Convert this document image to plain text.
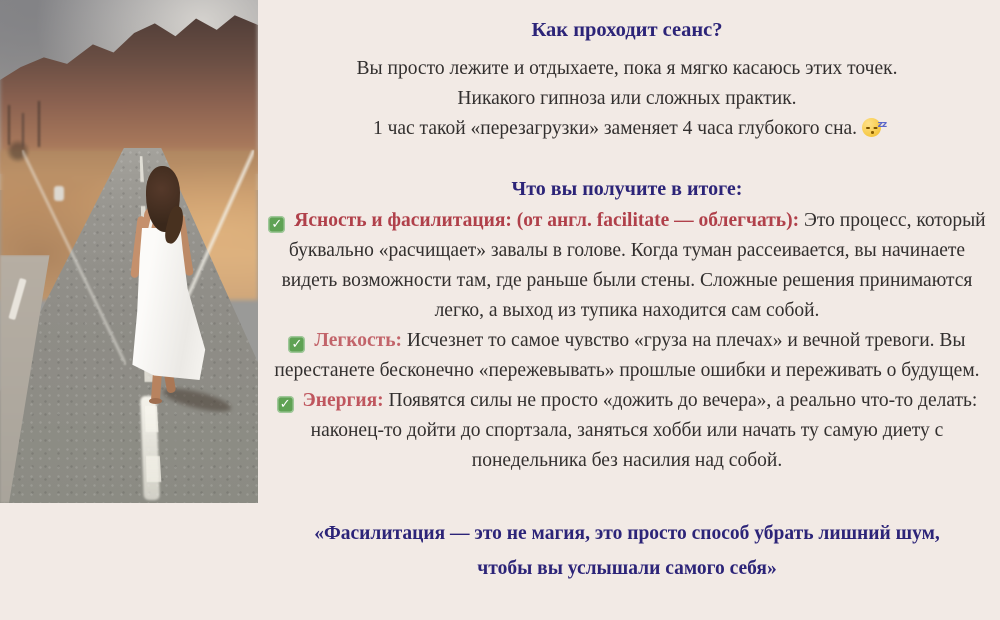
Как проходит сеанс?
Вы просто лежите и отдыхаете, пока я мягко касаюсь этих точек.
Никакого гипноза или сложных практик.
1 час такой «перезагрузки» заменяет 4 часа глубокого сна. zz
Что вы получите в итоге:

✓ Ясность и фасилитация: (от англ. facilitate — облегчать): Это процесс, который буквально «расчищает» завалы в голове. Когда туман рассеивается, вы начинаете видеть возможности там, где раньше были стены. Сложные решения принимаются легко, а выход из тупика находится сам собой.

✓ Легкость: Исчезнет то самое чувство «груза на плечах» и вечной тревоги. Вы перестанете бесконечно «пережевывать» прошлые ошибки и переживать о будущем.

✓ Энергия: Появятся силы не просто «дожить до вечера», а реально что-то делать: наконец-то дойти до спортзала, заняться хобби или начать ту самую диету с понедельника без насилия над собой.

«Фасилитация — это не магия, это просто способ убрать лишний шум,
чтобы вы услышали самого себя»
